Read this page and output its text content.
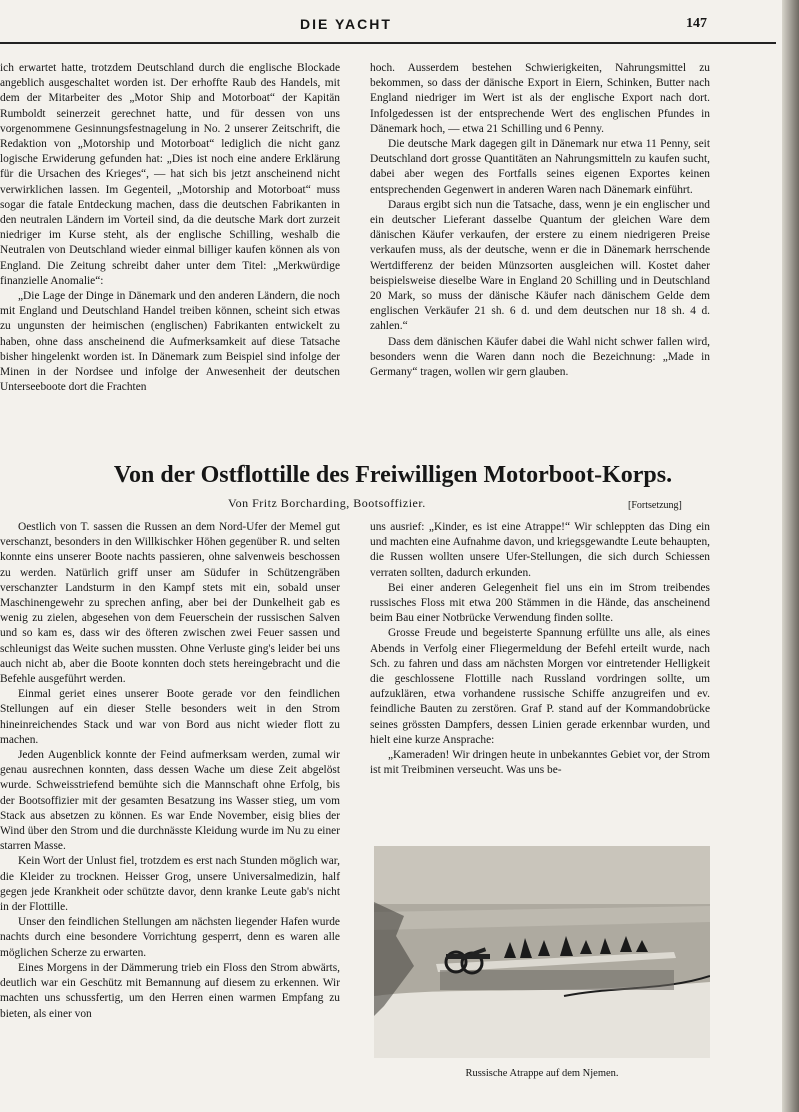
DIE YACHT	147

ich erwartet hatte, trotzdem Deutschland durch die englische Blockade angeblich ausgeschaltet worden ist. Der erhoffte Raub des Handels, mit dem der Mitarbeiter des „Motor Ship and Motorboat“ der Kapitän Rumboldt seinerzeit gerechnet hatte, und für dessen von uns vorgenommene Gesinnungsfestnagelung in No. 2 unserer Zeitschrift, die Redaktion von „Motorship und Motorboat“ lediglich die nicht ganz logische Erwiderung gefunden hat: „Dies ist noch eine andere Erklärung für die Ursachen des Krieges“, — hat sich bis jetzt anscheinend nicht verwirklichen lassen. Im Gegenteil, „Motorship and Motorboat“ muss sogar die fatale Entdeckung machen, dass die deutschen Fabrikanten in den neutralen Ländern im Vorteil sind, da die deutsche Mark dort zurzeit niedriger im Kurse steht, als der englische Schilling, weshalb die Neutralen von Deutschland wieder einmal billiger kaufen können als von England. Die Zeitung schreibt daher unter dem Titel: „Merkwürdige finanzielle Anomalie“:

„Die Lage der Dinge in Dänemark und den anderen Ländern, die noch mit England und Deutschland Handel treiben können, scheint sich etwas zu ungunsten der heimischen (englischen) Fabrikanten entwickelt zu haben, ohne dass anscheinend die Aufmerksamkeit auf diese Tatsache bisher hingelenkt worden ist. In Dänemark zum Beispiel sind infolge der Minen in der Nordsee und infolge der Anwesenheit der deutschen Unterseeboote dort die Frachten

hoch. Ausserdem bestehen Schwierigkeiten, Nahrungsmittel zu bekommen, so dass der dänische Export in Eiern, Schinken, Butter nach England niedriger im Wert ist als der englische Export nach dort. Infolgedessen ist der entsprechende Wert des englischen Pfundes in Dänemark hoch, — etwa 21 Schilling und 6 Penny.

Die deutsche Mark dagegen gilt in Dänemark nur etwa 11 Penny, seit Deutschland dort grosse Quantitäten an Nahrungsmitteln zu kaufen sucht, dabei aber wegen des Fortfalls seines eigenen Exportes keinen entsprechenden Gegenwert in anderen Waren nach Dänemark einführt.

Daraus ergibt sich nun die Tatsache, dass, wenn je ein englischer und ein deutscher Lieferant dasselbe Quantum der gleichen Ware dem dänischen Käufer verkaufen, der erstere zu einem niedrigeren Preise verkaufen muss, als der deutsche, wenn er die in Dänemark herrschende Wertdifferenz der beiden Münzsorten ausgleichen will. Kostet daher beispielsweise dieselbe Ware in England 20 Schilling und in Deutschland 20 Mark, so muss der dänische Käufer nach dänischem Gelde dem englischen Verkäufer 21 sh. 6 d. und dem deutschen nur 18 sh. 4 d. zahlen.“

Dass dem dänischen Käufer dabei die Wahl nicht schwer fallen wird, besonders wenn die Waren dann noch die Bezeichnung: „Made in Germany“ tragen, wollen wir gern glauben.

Von der Ostflottille des Freiwilligen Motorboot-Korps.
Von Fritz Borcharding, Bootsoffizier.	[Fortsetzung]

Oestlich von T. sassen die Russen an dem Nord-Ufer der Memel gut verschanzt, besonders in den Willkischker Höhen gegenüber R. und selten konnte eins unserer Boote nachts passieren, ohne salvenweis beschossen zu werden. Natürlich griff unser am Südufer in Schützengräben verschanzter Landsturm in den Kampf stets mit ein, sobald unser Maschinengewehr zu sprechen anfing, aber bei der Dunkelheit gab es wenig zu zielen, abgesehen von dem Feuerschein der russischen Salven und so kam es, dass wir des öfteren zwischen zwei Feuer sassen und schleunigst das Weite suchen mussten. Ohne Verluste ging's leider bei uns auch nicht ab, aber die Boote konnten doch stets hereingebracht und die Befehle ausgeführt werden.

Einmal geriet eines unserer Boote gerade vor den feindlichen Stellungen auf ein dieser Stelle besonders weit in den Strom hineinreichendes Stack und war von Bord aus nicht wieder flott zu machen.

Jeden Augenblick konnte der Feind aufmerksam werden, zumal wir genau ausrechnen konnten, dass dessen Wache um diese Zeit abgelöst wurde. Schweisstriefend bemühte sich die Mannschaft ohne Erfolg, bis der Bootsoffizier mit der gesamten Besatzung ins Wasser stieg, um vom Stack aus absetzen zu können. Es war Ende November, eisig blies der Wind über den Strom und die durchnässte Kleidung wurde im Nu zu einer starren Masse.

Kein Wort der Unlust fiel, trotzdem es erst nach Stunden möglich war, die Kleider zu trocknen. Heisser Grog, unsere Universalmedizin, half gegen jede Krankheit oder schützte davor, denn kranke Leute gab's nicht in der Flottille.

Unser den feindlichen Stellungen am nächsten liegender Hafen wurde nachts durch eine besondere Vorrichtung gesperrt, denn es waren alle möglichen Scherze zu erwarten.

Eines Morgens in der Dämmerung trieb ein Floss den Strom abwärts, deutlich war ein Geschütz mit Bemannung auf diesem zu erkennen. Wir machten uns schussfertig, um den Herren einen warmen Empfang zu bieten, als einer von

uns ausrief: „Kinder, es ist eine Atrappe!“ Wir schleppten das Ding ein und machten eine Aufnahme davon, und kriegsgewandte Leute behaupten, die Russen wollten unsere Ufer-Stellungen, die sich durch Schiessen verraten sollten, dadurch erkunden.

Bei einer anderen Gelegenheit fiel uns ein im Strom treibendes russisches Floss mit etwa 200 Stämmen in die Hände, das anscheinend beim Bau einer Notbrücke Verwendung finden sollte.

Grosse Freude und begeisterte Spannung erfüllte uns alle, als eines Abends in Verfolg einer Fliegermeldung der Befehl erteilt wurde, nach Sch. zu fahren und dass am nächsten Morgen vor eintretender Helligkeit die geschlossene Flottille nach Russland vordringen sollte, um aufzuklären, etwa vorhandene russische Schiffe anzugreifen und ev. feindliche Bauten zu zerstören. Graf P. stand auf der Kommandobrücke seines grössten Dampfers, dessen Linien gerade erkennbar wurden, und hielt eine kurze Ansprache:

„Kameraden! Wir dringen heute in unbekanntes Gebiet vor, der Strom ist mit Treibminen verseucht. Was uns be-

Russische Atrappe auf dem Njemen.
